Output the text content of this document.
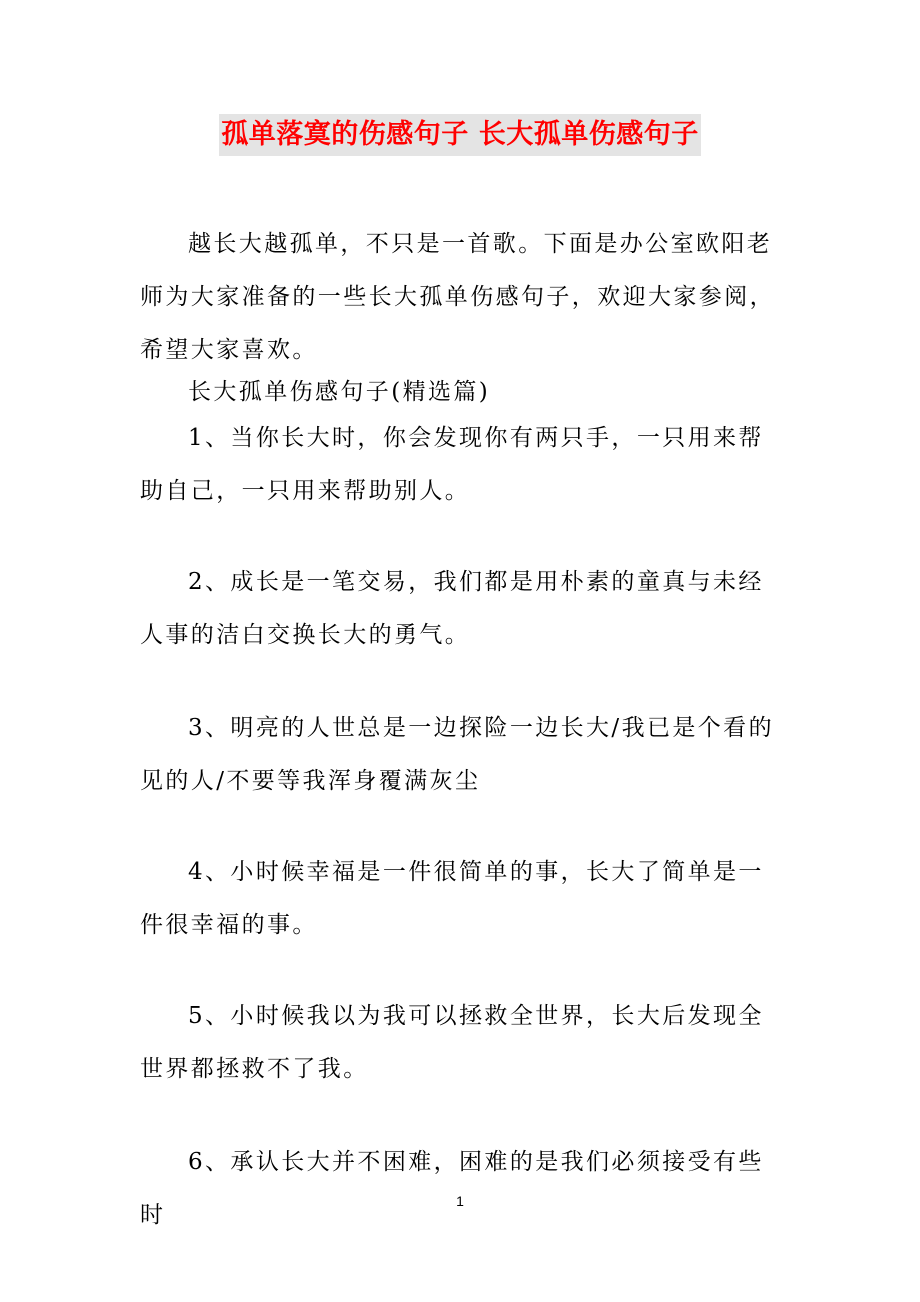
孤单落寞的伤感句子 长大孤单伤感句子

越长大越孤单，不只是一首歌。下面是办公室欧阳老师为大家准备的一些长大孤单伤感句子，欢迎大家参阅，希望大家喜欢。

长大孤单伤感句子(精选篇)

1、当你长大时，你会发现你有两只手，一只用来帮助自己，一只用来帮助别人。

2、成长是一笔交易，我们都是用朴素的童真与未经人事的洁白交换长大的勇气。

3、明亮的人世总是一边探险一边长大/我已是个看的见的人/不要等我浑身覆满灰尘

4、小时候幸福是一件很简单的事，长大了简单是一件很幸福的事。

5、小时候我以为我可以拯救全世界，长大后发现全世界都拯救不了我。

6、承认长大并不困难，困难的是我们必须接受有些时

1
